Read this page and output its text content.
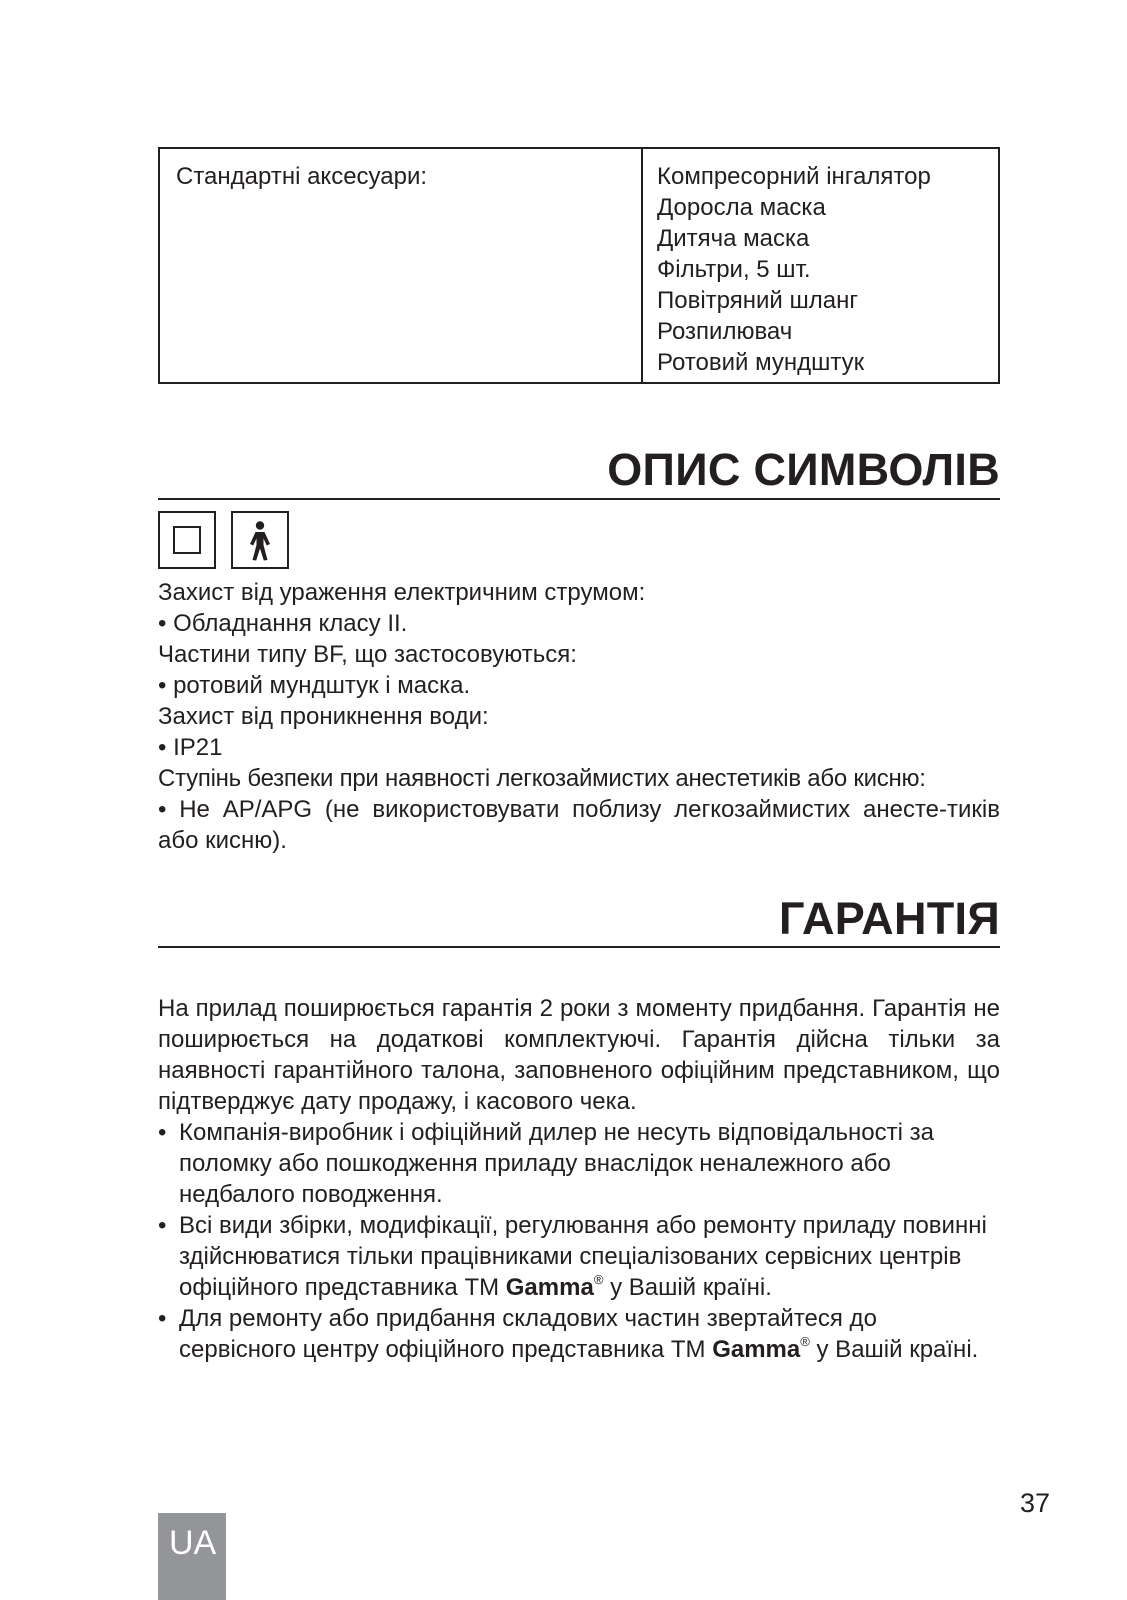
Стандартні аксесуари:	Компресорний інгалятор
Доросла маска
Дитяча маска
Фільтри, 5 шт.
Повітряний шланг
Розпилювач
Ротовий мундштук
ОПИС СИМВОЛІВ
Захист від ураження електричним струмом:
• Обладнання класу II.
Частини типу BF, що застосовуються:
• ротовий мундштук і маска.
Захист від проникнення води:
• IP21
Ступінь безпеки при наявності легкозаймистих анестетиків або кисню:
• Не AP/APG (не використовувати поблизу легкозаймистих анесте-тиків або кисню).
ГАРАНТІЯ
На прилад поширюється гарантія 2 роки з моменту придбання. Гарантія не поширюється на додаткові комплектуючі. Гарантія дійсна тільки за наявності гарантійного талона, заповненого офіційним представником, що підтверджує дату продажу, і касового чека.
• Компанія-виробник і офіційний дилер не несуть відповідальності за поломку або пошкодження приладу внаслідок неналежного або недбалого поводження.
• Всі види збірки, модифікації, регулювання або ремонту приладу повинні здійснюватися тільки працівниками спеціалізованих сервісних центрів офіційного представника ТМ Gamma® у Вашій країні.
• Для ремонту або придбання складових частин звертайтеся до сервісного центру офіційного представника ТМ Gamma® у Вашій країні.
37
UA
